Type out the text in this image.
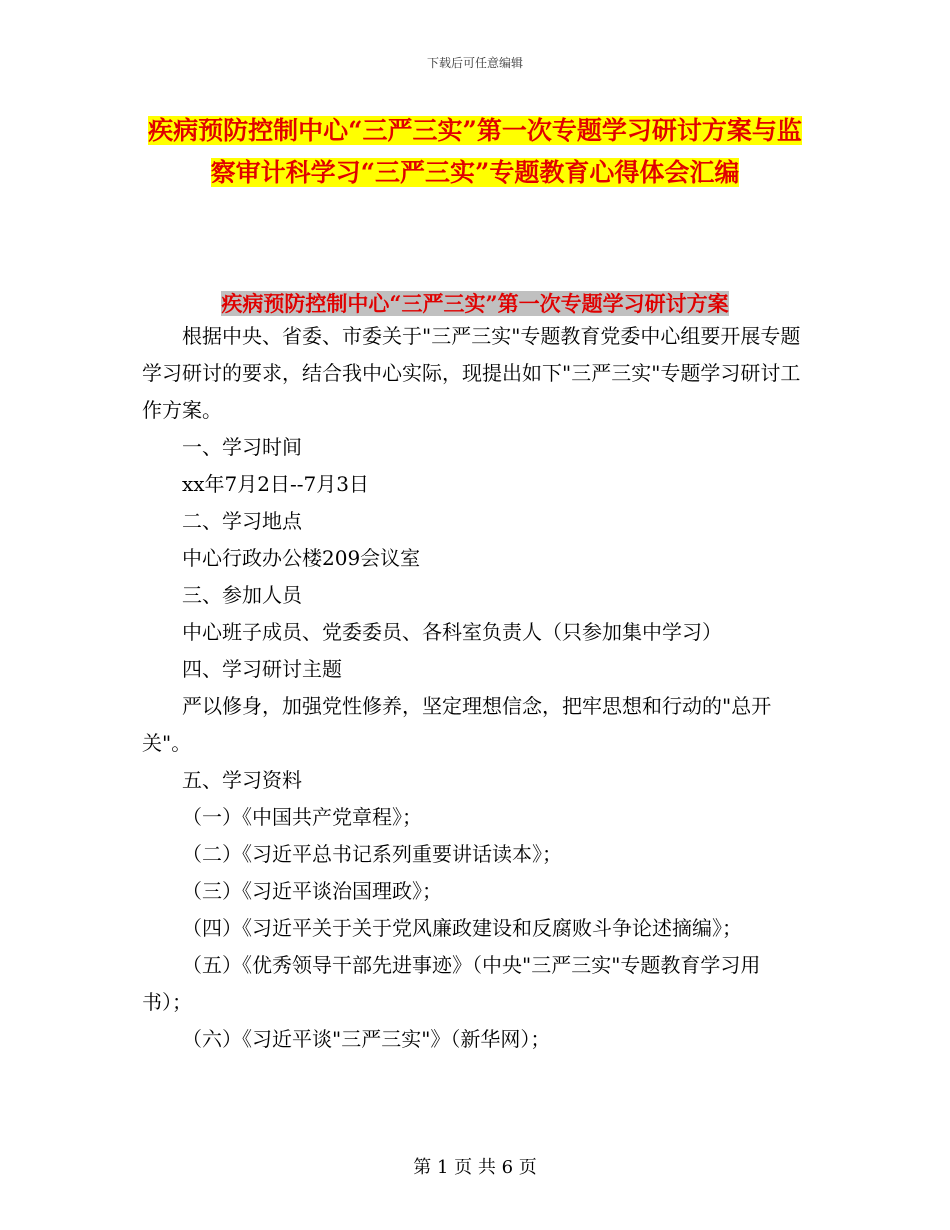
下载后可任意编辑
疾病预防控制中心“三严三实”第一次专题学习研讨方案与监察审计科学习“三严三实”专题教育心得体会汇编
疾病预防控制中心“三严三实”第一次专题学习研讨方案

根据中央、省委、市委关于"三严三实"专题教育党委中心组要开展专题学习研讨的要求，结合我中心实际，现提出如下"三严三实"专题学习研讨工作方案。

一、学习时间

xx年7月2日--7月3日

二、学习地点

中心行政办公楼209会议室

三、参加人员

中心班子成员、党委委员、各科室负责人（只参加集中学习）

四、学习研讨主题

严以修身，加强党性修养，坚定理想信念，把牢思想和行动的"总开关"。

五、学习资料

（一）《中国共产党章程》；

（二）《习近平总书记系列重要讲话读本》；

（三）《习近平谈治国理政》；

（四）《习近平关于关于党风廉政建设和反腐败斗争论述摘编》；

（五）《优秀领导干部先进事迹》（中央"三严三实"专题教育学习用书）；

（六）《习近平谈"三严三实"》（新华网）；

第 1 页 共 6 页
